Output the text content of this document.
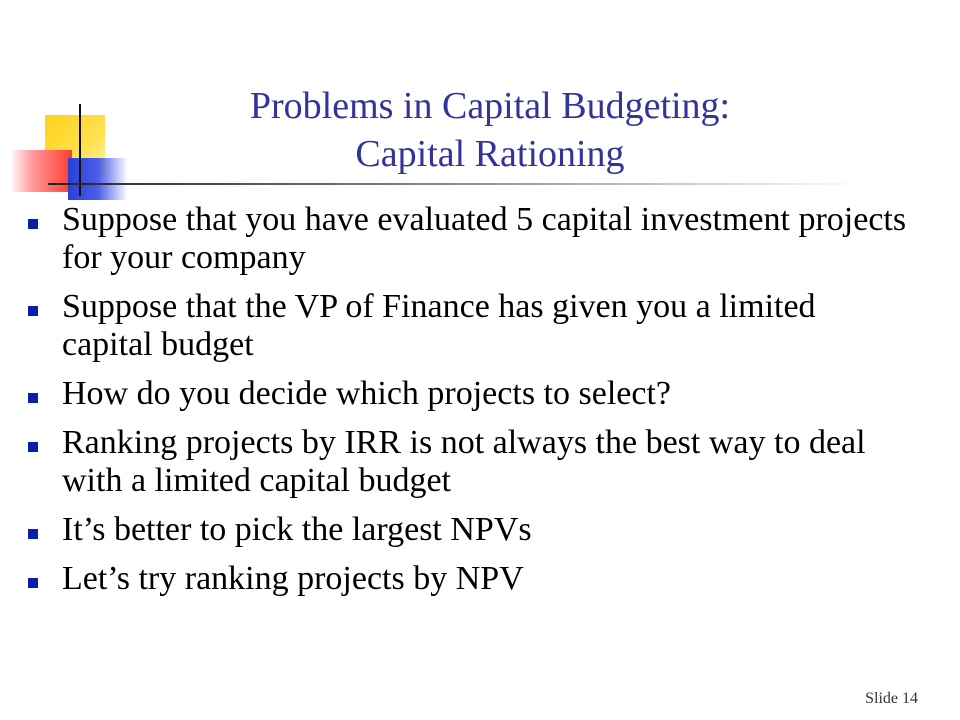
Problems in Capital Budgeting:
Capital Rationing
Suppose that you have evaluated 5 capital investment projects for your company
Suppose that the VP of Finance has given you a limited capital budget
How do you decide which projects to select?
Ranking projects by IRR is not always the best way to deal with a limited capital budget
It’s better to pick the largest NPVs
Let’s try ranking projects by NPV
Slide 14
